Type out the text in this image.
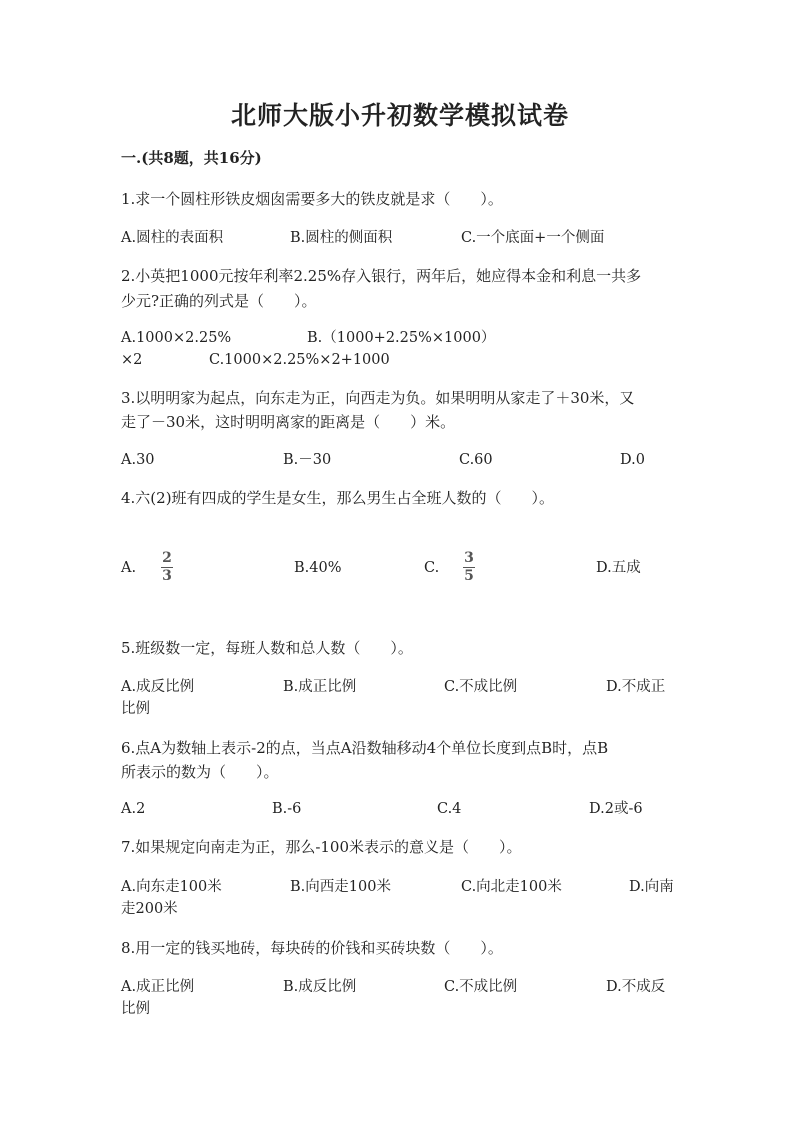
北师大版小升初数学模拟试卷
一.(共8题，共16分)
1.求一个圆柱形铁皮烟囱需要多大的铁皮就是求（　　）。
A.圆柱的表面积	B.圆柱的侧面积	C.一个底面+一个侧面
2.小英把1000元按年利率2.25%存入银行，两年后，她应得本金和利息一共多
少元?正确的列式是（　　）。
A.1000×2.25%	B.（1000+2.25%×1000）
×2	C.1000×2.25%×2+1000
3.以明明家为起点，向东走为正，向西走为负。如果明明从家走了＋30米，又
走了－30米，这时明明离家的距离是（　　）米。
A.30	B.－30	C.60	D.0
4.六(2)班有四成的学生是女生，那么男生占全班人数的（　　）。
A.
2
3	B.40%	C.
3
5	D.五成
5.班级数一定，每班人数和总人数（　　）。
A.成反比例	B.成正比例	C.不成比例	D.不成正
比例
6.点A为数轴上表示-2的点，当点A沿数轴移动4个单位长度到点B时，点B
所表示的数为（　　）。
A.2	B.-6	C.4	D.2或-6
7.如果规定向南走为正，那么-100米表示的意义是（　　）。
A.向东走100米	B.向西走100米	C.向北走100米	D.向南
走200米
8.用一定的钱买地砖，每块砖的价钱和买砖块数（　　）。
A.成正比例	B.成反比例	C.不成比例	D.不成反
比例
